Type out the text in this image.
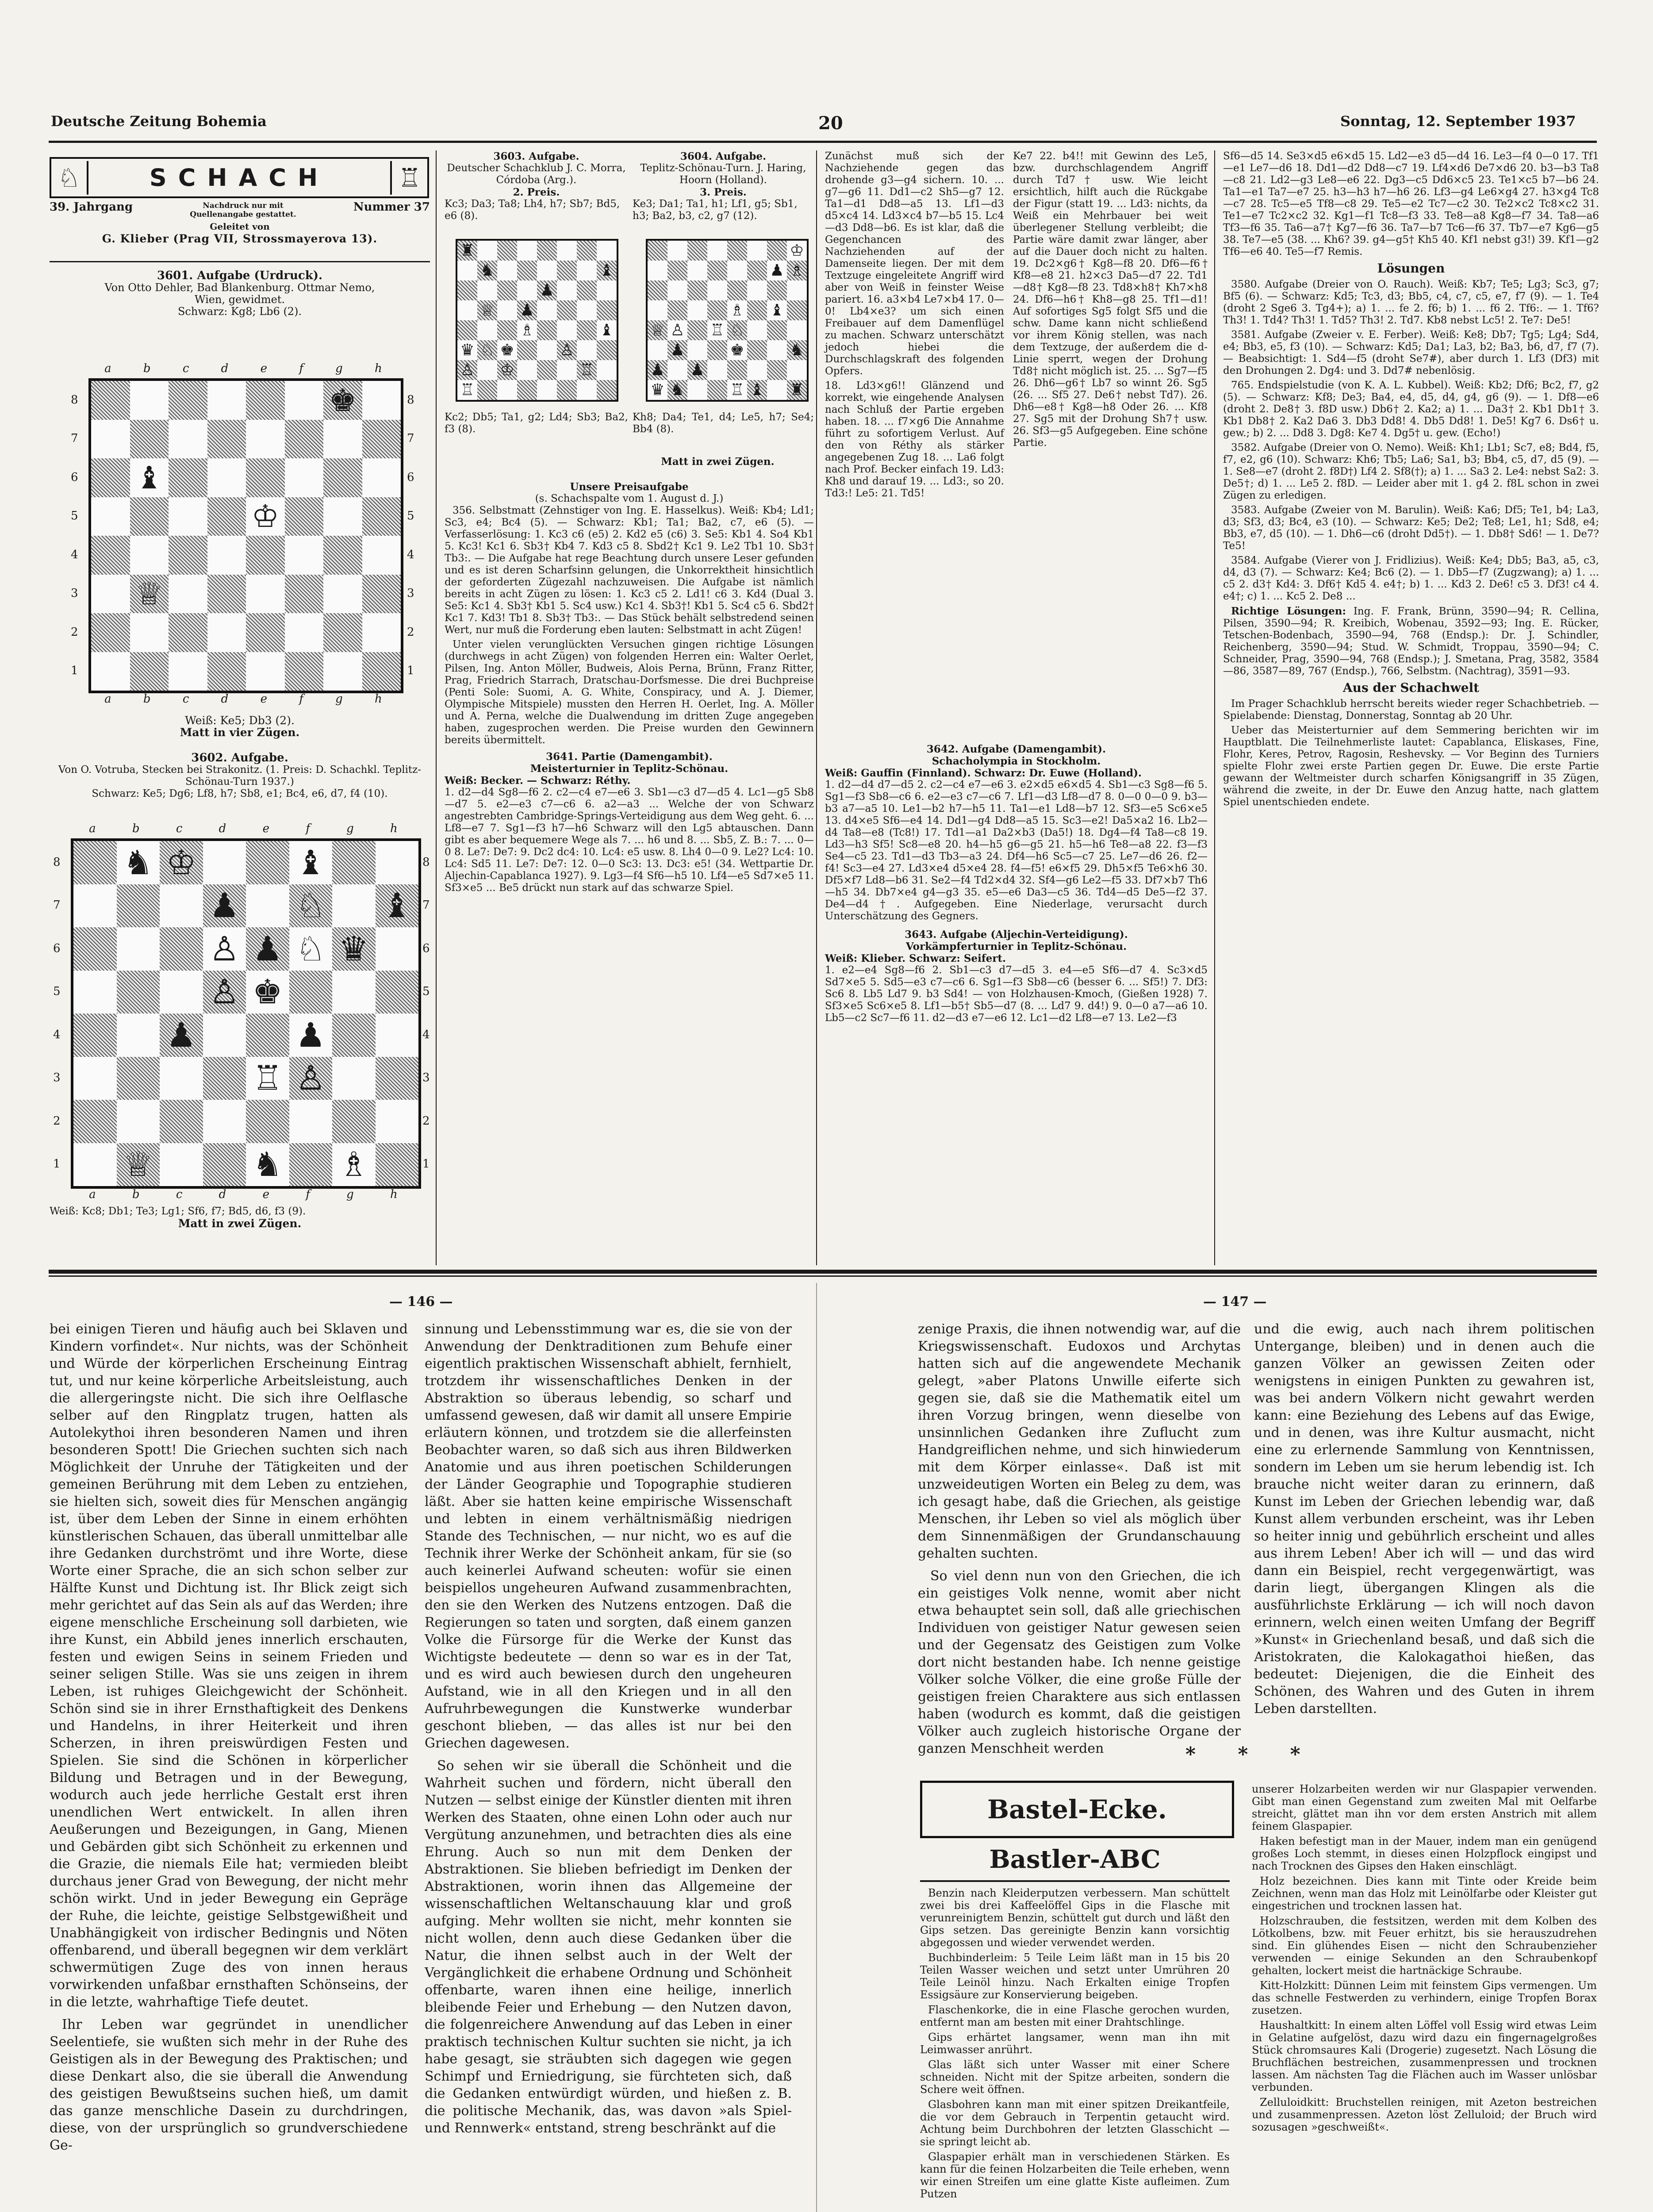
Deutsche Zeitung Bohemia	20	Sonntag, 12. September 1937
♘	SCHACH	♖
39. Jahrgang	Nachdruck nur mit Quellenangabe gestattet.
Nummer 37
Geleitet von
G. Klieber (Prag VII, Strossmayerova 13).
3601. Aufgabe (Urdruck).
Von Otto Dehler, Bad Blankenburg. Ottmar Nemo, Wien, gewidmet.
Schwarz: Kg8; Lb6 (2).
a	b	c	d	e	f	g	h
8
7
6
5
4
3
2
1
8
7
6
5
4
3
2
1
♚
♝
♔
♕
a	b	c	d	e	f	g	h
Weiß: Ke5; Db3 (2).
Matt in vier Zügen.
3602. Aufgabe.
Von O. Votruba, Stecken bei Strakonitz. (1. Preis: D. Schachkl. Teplitz-Schönau-Turn 1937.)
Schwarz: Ke5; Dg6; Lf8, h7; Sb8, e1; Bc4, e6, d7, f4 (10).
a	b	c	d	e	f	g	h
8
7
6
5
4
3
2
1
8
7
6
5
4
3
2
1
♞ ♔	♝
♟ ♘ ♝
♙ ♟ ♘ ♛
♙ ♚
♟	♟
♖ ♙
♕	♞ ♗
a	b	c	d	e	f	g	h
Weiß: Kc8; Db1; Te3; Lg1; Sf6, f7; Bd5, d6, f3 (9).
Matt in zwei Zügen.
3603. Aufgabe.
Deutscher Schachklub J. C. Morra, Córdoba (Arg.).
2. Preis.
Kc3; Da3; Ta8; Lh4, h7; Sb7; Bd5, e6 (8).
3604. Aufgabe.
Teplitz-Schönau-Turn. J. Haring, Hoorn (Holland).
3. Preis.
Ke3; Da1; Ta1, h1; Lf1, g5; Sb1, h3; Ba2, b3, c2, g7 (12).
♜
♞	♝
♟
♕ ♟
♗	♝
♛ ♘ ♚	♙
♙ ♔	♖
♖
♔
♟ ♗
♗ ♝
♕ ♙ ♖ ♘
♟	♚	♞
♟ ♟
♛ ♞	♖ ♝ ♜
Kc2; Db5; Ta1, g2; Ld4; Sb3; Ba2, f3 (8).
Kh8; Da4; Te1, d4; Le5, h7; Se4; Bb4 (8).
Matt in zwei Zügen.
Unsere Preisaufgabe
(s. Schachspalte vom 1. August d. J.)

356. Selbstmatt (Zehnstiger von Ing. E. Hasselkus). Weiß: Kb4; Ld1; Sc3, e4; Bc4 (5). — Schwarz: Kb1; Ta1; Ba2, c7, e6 (5). — Verfasserlösung: 1. Kc3 c6 (e5) 2. Kd2 e5 (c6) 3. Se5: Kb1 4. So4 Kb1 5. Kc3! Kc1 6. Sb3† Kb4 7. Kd3 c5 8. Sbd2† Kc1 9. Le2 Tb1 10. Sb3† Tb3:. — Die Aufgabe hat rege Beachtung durch unsere Leser gefunden und es ist deren Scharfsinn gelungen, die Unkorrektheit hinsichtlich der geforderten Zügezahl nachzuweisen. Die Aufgabe ist nämlich bereits in acht Zügen zu lösen: 1. Kc3 c5 2. Ld1! c6 3. Kd4 (Dual 3. Se5: Kc1 4. Sb3† Kb1 5. Sc4 usw.) Kc1 4. Sb3†! Kb1 5. Sc4 c5 6. Sbd2† Kc1 7. Kd3! Tb1 8. Sb3† Tb3:. — Das Stück behält selbstredend seinen Wert, nur muß die Forderung eben lauten: Selbstmatt in acht Zügen!

Unter vielen verunglückten Versuchen gingen richtige Lösungen (durchwegs in acht Zügen) von folgenden Herren ein: Walter Oerlet, Pilsen, Ing. Anton Möller, Budweis, Alois Perna, Brünn, Franz Ritter, Prag, Friedrich Starrach, Dratschau-Dorfsmesse. Die drei Buchpreise (Penti Sole: Suomi, A. G. White, Conspiracy, und A. J. Diemer, Olympische Mitspiele) mussten den Herren H. Oerlet, Ing. A. Möller und A. Perna, welche die Dualwendung im dritten Zuge angegeben haben, zugesprochen werden. Die Preise wurden den Gewinnern bereits übermittelt.

3641. Partie (Damengambit).
Meisterturnier in Teplitz-Schönau.
Weiß: Becker. — Schwarz: Réthy.

1. d2—d4 Sg8—f6 2. c2—c4 e7—e6 3. Sb1—c3 d7—d5 4. Lc1—g5 Sb8—d7 5. e2—e3 c7—c6 6. a2—a3 ... Welche der von Schwarz angestrebten Cambridge-Springs-Verteidigung aus dem Weg geht. 6. ... Lf8—e7 7. Sg1—f3 h7—h6 Schwarz will den Lg5 abtauschen. Dann gibt es aber bequemere Wege als 7. ... h6 und 8. ... Sb5, Z. B.: 7. ... 0—0 8. Le7: De7: 9. Dc2 dc4: 10. Lc4: e5 usw. 8. Lh4 0—0 9. Le2? Lc4: 10. Lc4: Sd5 11. Le7: De7: 12. 0—0 Sc3: 13. Dc3: e5! (34. Wettpartie Dr. Aljechin-Capablanca 1927). 9. Lg3—f4 Sf6—h5 10. Lf4—e5 Sd7×e5 11. Sf3×e5 ... Be5 drückt nun stark auf das schwarze Spiel.

Zunächst muß sich der Nachziehende gegen das drohende g3—g4 sichern. 10. ... g7—g6 11. Dd1—c2 Sh5—g7 12. Ta1—d1 Dd8—a5 13. Lf1—d3 d5×c4 14. Ld3×c4 b7—b5 15. Lc4—d3 Dd8—b6. Es ist klar, daß die Gegenchancen des Nachziehenden auf der Damenseite liegen. Der mit dem Textzuge eingeleitete Angriff wird aber von Weiß in feinster Weise pariert. 16. a3×b4 Le7×b4 17. 0—0! Lb4×e3? um sich einen Freibauer auf dem Damenflügel zu machen. Schwarz unterschätzt jedoch hiebei die Durchschlagskraft des folgenden Opfers.

18. Ld3×g6!! Glänzend und korrekt, wie eingehende Analysen nach Schluß der Partie ergeben haben. 18. ... f7×g6 Die Annahme führt zu sofortigem Verlust. Auf den von Réthy als stärker angegebenen Zug 18. ... La6 folgt nach Prof. Becker einfach 19. Ld3: Kh8 und darauf 19. ... Ld3:, so 20. Td3:! Le5: 21. Td5!

Ke7 22. b4!! mit Gewinn des Le5, bzw. durchschlagendem Angriff durch Td7† usw. Wie leicht ersichtlich, hilft auch die Rückgabe der Figur (statt 19. ... Ld3: nichts, da Weiß ein Mehrbauer bei weit überlegener Stellung verbleibt; die Partie wäre damit zwar länger, aber auf die Dauer doch nicht zu halten. 19. Dc2×g6† Kg8—f8 20. Df6—f6† Kf8—e8 21. h2×c3 Da5—d7 22. Td1—d8† Kg8—f8 23. Td8×h8† Kh7×h8 24. Df6—h6† Kh8—g8 25. Tf1—d1! Auf sofortiges Sg5 folgt Sf5 und die schw. Dame kann nicht schließend vor ihrem König stellen, was nach dem Textzuge, der außerdem die d-Linie sperrt, wegen der Drohung Td8† nicht möglich ist. 25. ... Sg7—f5 26. Dh6—g6† Lb7 so winnt 26. Sg5 (26. ... Sf5 27. De6† nebst Td7). 26. Dh6—e8† Kg8—h8 Oder 26. ... Kf8 27. Sg5 mit der Drohung Sh7† usw. 26. Sf3—g5 Aufgegeben. Eine schöne Partie.

3642. Aufgabe (Damengambit).
Schacholympia in Stockholm.
Weiß: Gauffin (Finnland). Schwarz: Dr. Euwe (Holland).

1. d2—d4 d7—d5 2. c2—c4 e7—e6 3. e2×d5 e6×d5 4. Sb1—c3 Sg8—f6 5. Sg1—f3 Sb8—c6 6. e2—e3 c7—c6 7. Lf1—d3 Lf8—d7 8. 0—0 0—0 9. b3—b3 a7—a5 10. Le1—b2 h7—h5 11. Ta1—e1 Ld8—b7 12. Sf3—e5 Sc6×e5 13. d4×e5 Sf6—e4 14. Dd1—g4 Dd8—a5 15. Sc3—e2! Da5×a2 16. Lb2—d4 Ta8—e8 (Tc8!) 17. Td1—a1 Da2×b3 (Da5!) 18. Dg4—f4 Ta8—c8 19. Ld3—h3 Sf5! Sc8—e8 20. h4—h5 g6—g5 21. h5—h6 Te8—a8 22. f3—f3 Se4—c5 23. Td1—d3 Tb3—a3 24. Df4—h6 Sc5—c7 25. Le7—d6 26. f2—f4! Sc3—e4 27. Ld3×e4 d5×e4 28. f4—f5! e6×f5 29. Dh5×f5 Te6×h6 30. Df5×f7 Ld8—b6 31. Se2—f4 Td2×d4 32. Sf4—g6 Le2—f5 33. Df7×b7 Th6—h5 34. Db7×e4 g4—g3 35. e5—e6 Da3—c5 36. Td4—d5 De5—f2 37. De4—d4†. Aufgegeben. Eine Niederlage, verursacht durch Unterschätzung des Gegners.

3643. Aufgabe (Aljechin-Verteidigung).
Vorkämpferturnier in Teplitz-Schönau.
Weiß: Klieber. Schwarz: Seifert.

1. e2—e4 Sg8—f6 2. Sb1—c3 d7—d5 3. e4—e5 Sf6—d7 4. Sc3×d5 Sd7×e5 5. Sd5—e3 c7—c6 6. Sg1—f3 Sb8—c6 (besser 6. ... Sf5!) 7. Df3: Sc6 8. Lb5 Ld7 9. b3 Sd4! — von Holzhausen-Kmoch, (Gießen 1928) 7. Sf3×e5 Sc6×e5 8. Lf1—b5† Sb5—d7 (8. ... Ld7 9. d4!) 9. 0—0 a7—a6 10. Lb5—c2 Sc7—f6 11. d2—d3 e7—e6 12. Lc1—d2 Lf8—e7 13. Le2—f3

Sf6—d5 14. Se3×d5 e6×d5 15. Ld2—e3 d5—d4 16. Le3—f4 0—0 17. Tf1—e1 Le7—d6 18. Dd1—d2 Dd8—c7 19. Lf4×d6 De7×d6 20. b3—b3 Ta8—c8 21. Ld2—g3 Le8—e6 22. Dg3—c5 Dd6×c5 23. Te1×c5 b7—b6 24. Ta1—e1 Ta7—e7 25. h3—h3 h7—h6 26. Lf3—g4 Le6×g4 27. h3×g4 Tc8—c7 28. Tc5—e5 Tf8—c8 29. Te5—e2 Tc7—c2 30. Te2×c2 Tc8×c2 31. Te1—e7 Tc2×c2 32. Kg1—f1 Tc8—f3 33. Te8—a8 Kg8—f7 34. Ta8—a6 Tf3—f6 35. Ta6—a7† Kg7—f6 36. Ta7—b7 Tc6—f6 37. Tb7—e7 Kg6—g5 38. Te7—e5 (38. ... Kh6? 39. g4—g5† Kh5 40. Kf1 nebst g3!) 39. Kf1—g2 Tf6—e6 40. Te5—f7 Remis.

Lösungen

3580. Aufgabe (Dreier von O. Rauch). Weiß: Kb7; Te5; Lg3; Sc3, g7; Bf5 (6). — Schwarz: Kd5; Tc3, d3; Bb5, c4, c7, c5, e7, f7 (9). — 1. Te4 (droht 2 Sge6 3. Tg4+); a) 1. ... fe 2. f6; b) 1. ... f6 2. Tf6:. — 1. Tf6? Th3! 1. Td4? Th3! 1. Td5? Th3! 2. Td7. Kb8 nebst Lc5! 2. Te7: De5!

3581. Aufgabe (Zweier v. E. Ferber). Weiß: Ke8; Db7; Tg5; Lg4; Sd4, e4; Bb3, e5, f3 (10). — Schwarz: Kd5; Da1; La3, b2; Ba3, b6, d7, f7 (7). — Beabsichtigt: 1. Sd4—f5 (droht Se7#), aber durch 1. Lf3 (Df3) mit den Drohungen 2. Dg4: und 3. Dd7# nebenlösig.

765. Endspielstudie (von K. A. L. Kubbel). Weiß: Kb2; Df6; Bc2, f7, g2 (5). — Schwarz: Kf8; De3; Ba4, e4, d5, d4, g4, g6 (9). — 1. Df8—e6 (droht 2. De8† 3. f8D usw.) Db6† 2. Ka2; a) 1. ... Da3† 2. Kb1 Db1† 3. Kb1 Db8† 2. Ka2 Da6 3. Db3 Dd8! 4. Db5 Dd8! 1. De5! Kg7 6. Ds6† u. gew.; b) 2. ... Dd8 3. Dg8: Ke7 4. Dg5† u. gew. (Echo!)

3582. Aufgabe (Dreier von O. Nemo). Weiß: Kh1; Lb1; Sc7, e8; Bd4, f5, f7, e2, g6 (10). Schwarz: Kh6; Tb5; La6; Sa1, b3; Bb4, c5, d7, d5 (9). — 1. Se8—e7 (droht 2. f8D†) Lf4 2. Sf8(†); a) 1. ... Sa3 2. Le4: nebst Sa2: 3. De5†; d) 1. ... Le5 2. f8D. — Leider aber mit 1. g4 2. f8L schon in zwei Zügen zu erledigen.

3583. Aufgabe (Zweier von M. Barulin). Weiß: Ka6; Df5; Te1, b4; La3, d3; Sf3, d3; Bc4, e3 (10). — Schwarz: Ke5; De2; Te8; Le1, h1; Sd8, e4; Bb3, e7, d5 (10). — 1. Dh6—c6 (droht Dd5†). — 1. Db8† Sd6! — 1. De7? Te5!

3584. Aufgabe (Vierer von J. Fridlizius). Weiß: Ke4; Db5; Ba3, a5, c3, d4, d3 (7). — Schwarz: Ke4; Bc6 (2). — 1. Db5—f7 (Zugzwang); a) 1. ... c5 2. d3† Kd4: 3. Df6† Kd5 4. e4†; b) 1. ... Kd3 2. De6! c5 3. Df3! c4 4. e4†; c) 1. ... Kc5 2. De8 ...

Richtige Lösungen: Ing. F. Frank, Brünn, 3590—94; R. Cellina, Pilsen, 3590—94; R. Kreibich, Wobenau, 3592—93; Ing. E. Rücker, Tetschen-Bodenbach, 3590—94, 768 (Endsp.): Dr. J. Schindler, Reichenberg, 3590—94; Stud. W. Schmidt, Troppau, 3590—94; C. Schneider, Prag, 3590—94, 768 (Endsp.); J. Smetana, Prag, 3582, 3584—86, 3587—89, 767 (Endsp.), 766, Selbstm. (Nachtrag), 3591—93.

Aus der Schachwelt

Im Prager Schachklub herrscht bereits wieder reger Schachbetrieb. — Spielabende: Dienstag, Donnerstag, Sonntag ab 20 Uhr.

Ueber das Meisterturnier auf dem Semmering berichten wir im Hauptblatt. Die Teilnehmerliste lautet: Capablanca, Eliskases, Fine, Flohr, Keres, Petrov, Ragosin, Reshevsky. — Vor Beginn des Turniers spielte Flohr zwei erste Partien gegen Dr. Euwe. Die erste Partie gewann der Weltmeister durch scharfen Königsangriff in 35 Zügen, während die zweite, in der Dr. Euwe den Anzug hatte, nach glattem Spiel unentschieden endete.

— 146 —	— 147 —

bei einigen Tieren und häufig auch bei Sklaven und Kindern vorfindet«. Nur nichts, was der Schönheit und Würde der körperlichen Erscheinung Eintrag tut, und nur keine körperliche Arbeitsleistung, auch die allergeringste nicht. Die sich ihre Oelflasche selber auf den Ringplatz trugen, hatten als Autolekythoi ihren besonderen Namen und ihren besonderen Spott! Die Griechen suchten sich nach Möglichkeit der Unruhe der Tätigkeiten und der gemeinen Berührung mit dem Leben zu entziehen, sie hielten sich, soweit dies für Menschen angängig ist, über dem Leben der Sinne in einem erhöhten künstlerischen Schauen, das überall unmittelbar alle ihre Gedanken durchströmt und ihre Worte, diese Worte einer Sprache, die an sich schon selber zur Hälfte Kunst und Dichtung ist. Ihr Blick zeigt sich mehr gerichtet auf das Sein als auf das Werden; ihre eigene menschliche Erscheinung soll darbieten, wie ihre Kunst, ein Abbild jenes innerlich erschauten, festen und ewigen Seins in seinem Frieden und seiner seligen Stille. Was sie uns zeigen in ihrem Leben, ist ruhiges Gleichgewicht der Schönheit. Schön sind sie in ihrer Ernsthaftigkeit des Denkens und Handelns, in ihrer Heiterkeit und ihren Scherzen, in ihren preiswürdigen Festen und Spielen. Sie sind die Schönen in körperlicher Bildung und Betragen und in der Bewegung, wodurch auch jede herrliche Gestalt erst ihren unendlichen Wert entwickelt. In allen ihren Aeußerungen und Bezeigungen, in Gang, Mienen und Gebärden gibt sich Schönheit zu erkennen und die Grazie, die niemals Eile hat; vermieden bleibt durchaus jener Grad von Bewegung, der nicht mehr schön wirkt. Und in jeder Bewegung ein Gepräge der Ruhe, die leichte, geistige Selbstgewißheit und Unabhängigkeit von irdischer Bedingnis und Nöten offenbarend, und überall begegnen wir dem verklärt schwermütigen Zuge des von innen heraus vorwirkenden unfaßbar ernsthaften Schönseins, der in die letzte, wahrhaftige Tiefe deutet.

Ihr Leben war gegründet in unendlicher Seelentiefe, sie wußten sich mehr in der Ruhe des Geistigen als in der Bewegung des Praktischen; und diese Denkart also, die sie überall die Anwendung des geistigen Bewußtseins suchen hieß, um damit das ganze menschliche Dasein zu durchdringen, diese, von der ursprünglich so grundverschiedene Ge-

sinnung und Lebensstimmung war es, die sie von der Anwendung der Denktraditionen zum Behufe einer eigentlich praktischen Wissenschaft abhielt, fernhielt, trotzdem ihr wissenschaftliches Denken in der Abstraktion so überaus lebendig, so scharf und umfassend gewesen, daß wir damit all unsere Empirie erläutern können, und trotzdem sie die allerfeinsten Beobachter waren, so daß sich aus ihren Bildwerken Anatomie und aus ihren poetischen Schilderungen der Länder Geographie und Topographie studieren läßt. Aber sie hatten keine empirische Wissenschaft und lebten in einem verhältnismäßig niedrigen Stande des Technischen, — nur nicht, wo es auf die Technik ihrer Werke der Schönheit ankam, für sie (so auch keinerlei Aufwand scheuten: wofür sie einen beispiellos ungeheuren Aufwand zusammenbrachten, den sie den Werken des Nutzens entzogen. Daß die Regierungen so taten und sorgten, daß einem ganzen Volke die Fürsorge für die Werke der Kunst das Wichtigste bedeutete — denn so war es in der Tat, und es wird auch bewiesen durch den ungeheuren Aufstand, wie in all den Kriegen und in all den Aufruhrbewegungen die Kunstwerke wunderbar geschont blieben, — das alles ist nur bei den Griechen dagewesen.

So sehen wir sie überall die Schönheit und die Wahrheit suchen und fördern, nicht überall den Nutzen — selbst einige der Künstler dienten mit ihren Werken des Staaten, ohne einen Lohn oder auch nur Vergütung anzunehmen, und betrachten dies als eine Ehrung. Auch so nun mit dem Denken der Abstraktionen. Sie blieben befriedigt im Denken der Abstraktionen, worin ihnen das Allgemeine der wissenschaftlichen Weltanschauung klar und groß aufging. Mehr wollten sie nicht, mehr konnten sie nicht wollen, denn auch diese Gedanken über die Natur, die ihnen selbst auch in der Welt der Vergänglichkeit die erhabene Ordnung und Schönheit offenbarte, waren ihnen eine heilige, innerlich bleibende Feier und Erhebung — den Nutzen davon, die folgenreichere Anwendung auf das Leben in einer praktisch technischen Kultur suchten sie nicht, ja ich habe gesagt, sie sträubten sich dagegen wie gegen Schimpf und Erniedrigung, sie fürchteten sich, daß die Gedanken entwürdigt würden, und hießen z. B. die politische Mechanik, das, was davon »als Spiel- und Rennwerk« entstand, streng beschränkt auf die

zenige Praxis, die ihnen notwendig war, auf die Kriegswissenschaft. Eudoxos und Archytas hatten sich auf die angewendete Mechanik gelegt, »aber Platons Unwille eiferte sich gegen sie, daß sie die Mathematik eitel um ihren Vorzug bringen, wenn dieselbe von unsinnlichen Gedanken ihre Zuflucht zum Handgreiflichen nehme, und sich hinwiederum mit dem Körper einlasse«. Daß ist mit unzweideutigen Worten ein Beleg zu dem, was ich gesagt habe, daß die Griechen, als geistige Menschen, ihr Leben so viel als möglich über dem Sinnenmäßigen der Grundanschauung gehalten suchten.

So viel denn nun von den Griechen, die ich ein geistiges Volk nenne, womit aber nicht etwa behauptet sein soll, daß alle griechischen Individuen von geistiger Natur gewesen seien und der Gegensatz des Geistigen zum Volke dort nicht bestanden habe. Ich nenne geistige Völker solche Völker, die eine große Fülle der geistigen freien Charaktere aus sich entlassen haben (wodurch es kommt, daß die geistigen Völker auch zugleich historische Organe der ganzen Menschheit werden

und die ewig, auch nach ihrem politischen Untergange, bleiben) und in denen auch die ganzen Völker an gewissen Zeiten oder wenigstens in einigen Punkten zu gewahren ist, was bei andern Völkern nicht gewahrt werden kann: eine Beziehung des Lebens auf das Ewige, und in denen, was ihre Kultur ausmacht, nicht eine zu erlernende Sammlung von Kenntnissen, sondern im Leben um sie herum lebendig ist. Ich brauche nicht weiter daran zu erinnern, daß Kunst im Leben der Griechen lebendig war, daß Kunst allem verbunden erscheint, was ihr Leben so heiter innig und gebührlich erscheint und alles aus ihrem Leben! Aber ich will — und das wird dann ein Beispiel, recht vergegenwärtigt, was darin liegt, übergangen Klingen als die ausführlichste Erklärung — ich will noch davon erinnern, welch einen weiten Umfang der Begriff »Kunst« in Griechenland besaß, und daß sich die Aristokraten, die Kalokagathoi hießen, das bedeutet: Diejenigen, die die Einheit des Schönen, des Wahren und des Guten in ihrem Leben darstellten.

* * *
Bastel-Ecke.
Bastler-ABC

Benzin nach Kleiderputzen verbessern. Man schüttelt zwei bis drei Kaffeelöffel Gips in die Flasche mit verunreinigtem Benzin, schüttelt gut durch und läßt den Gips setzen. Das gereinigte Benzin kann vorsichtig abgegossen und wieder verwendet werden.

Buchbinderleim: 5 Teile Leim läßt man in 15 bis 20 Teilen Wasser weichen und setzt unter Umrühren 20 Teile Leinöl hinzu. Nach Erkalten einige Tropfen Essigsäure zur Konservierung beigeben.

Flaschenkorke, die in eine Flasche gerochen wurden, entfernt man am besten mit einer Drahtschlinge.

Gips erhärtet langsamer, wenn man ihn mit Leimwasser anrührt.

Glas läßt sich unter Wasser mit einer Schere schneiden. Nicht mit der Spitze arbeiten, sondern die Schere weit öffnen.

Glasbohren kann man mit einer spitzen Dreikantfeile, die vor dem Gebrauch in Terpentin getaucht wird. Achtung beim Durchbohren der letzten Glasschicht — sie springt leicht ab.

Glaspapier erhält man in verschiedenen Stärken. Es kann für die feinen Holzarbeiten die Teile erheben, wenn wir einen Streifen um eine glatte Kiste aufleimen. Zum Putzen

unserer Holzarbeiten werden wir nur Glaspapier verwenden. Gibt man einen Gegenstand zum zweiten Mal mit Oelfarbe streicht, glättet man ihn vor dem ersten Anstrich mit allem feinem Glaspapier.

Haken befestigt man in der Mauer, indem man ein genügend großes Loch stemmt, in dieses einen Holzpflock eingipst und nach Trocknen des Gipses den Haken einschlägt.

Holz bezeichnen. Dies kann mit Tinte oder Kreide beim Zeichnen, wenn man das Holz mit Leinölfarbe oder Kleister gut eingestrichen und trocknen lassen hat.

Holzschrauben, die festsitzen, werden mit dem Kolben des Lötkolbens, bzw. mit Feuer erhitzt, bis sie herauszudrehen sind. Ein glühendes Eisen — nicht den Schraubenzieher verwenden — einige Sekunden an den Schraubenkopf gehalten, lockert meist die hartnäckige Schraube.

Kitt-Holzkitt: Dünnen Leim mit feinstem Gips vermengen. Um das schnelle Festwerden zu verhindern, einige Tropfen Borax zusetzen.

Haushaltkitt: In einem alten Löffel voll Essig wird etwas Leim in Gelatine aufgelöst, dazu wird dazu ein fingernagelgroßes Stück chromsaures Kali (Drogerie) zugesetzt. Nach Lösung die Bruchflächen bestreichen, zusammenpressen und trocknen lassen. Am nächsten Tag die Flächen auch im Wasser unlösbar verbunden.

Zelluloidkitt: Bruchstellen reinigen, mit Azeton bestreichen und zusammenpressen. Azeton löst Zelluloid; der Bruch wird sozusagen »geschweißt«.
